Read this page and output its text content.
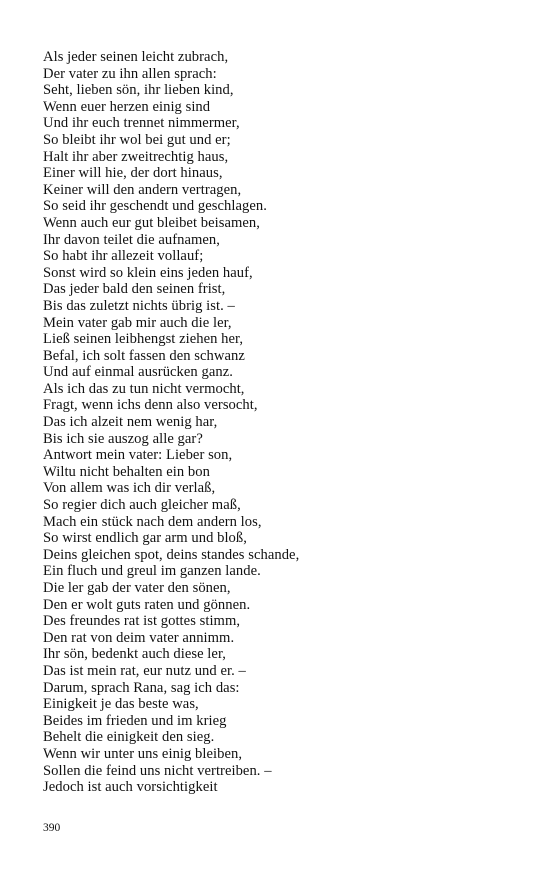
Als jeder seinen leicht zubrach,
Der vater zu ihn allen sprach:
Seht, lieben sön, ihr lieben kind,
Wenn euer herzen einig sind
Und ihr euch trennet nimmermer,
So bleibt ihr wol bei gut und er;
Halt ihr aber zweitrechtig haus,
Einer will hie, der dort hinaus,
Keiner will den andern vertragen,
So seid ihr geschendt und geschlagen.
Wenn auch eur gut bleibet beisamen,
Ihr davon teilet die aufnamen,
So habt ihr allezeit vollauf;
Sonst wird so klein eins jeden hauf,
Das jeder bald den seinen frist,
Bis das zuletzt nichts übrig ist. –
Mein vater gab mir auch die ler,
Ließ seinen leibhengst ziehen her,
Befal, ich solt fassen den schwanz
Und auf einmal ausrücken ganz.
Als ich das zu tun nicht vermocht,
Fragt, wenn ichs denn also versocht,
Das ich alzeit nem wenig har,
Bis ich sie auszog alle gar?
Antwort mein vater: Lieber son,
Wiltu nicht behalten ein bon
Von allem was ich dir verlaß,
So regier dich auch gleicher maß,
Mach ein stück nach dem andern los,
So wirst endlich gar arm und bloß,
Deins gleichen spot, deins standes schande,
Ein fluch und greul im ganzen lande.
Die ler gab der vater den sönen,
Den er wolt guts raten und gönnen.
Des freundes rat ist gottes stimm,
Den rat von deim vater annimm.
Ihr sön, bedenkt auch diese ler,
Das ist mein rat, eur nutz und er. –
Darum, sprach Rana, sag ich das:
Einigkeit je das beste was,
Beides im frieden und im krieg
Behelt die einigkeit den sieg.
Wenn wir unter uns einig bleiben,
Sollen die feind uns nicht vertreiben. –
Jedoch ist auch vorsichtigkeit
390
